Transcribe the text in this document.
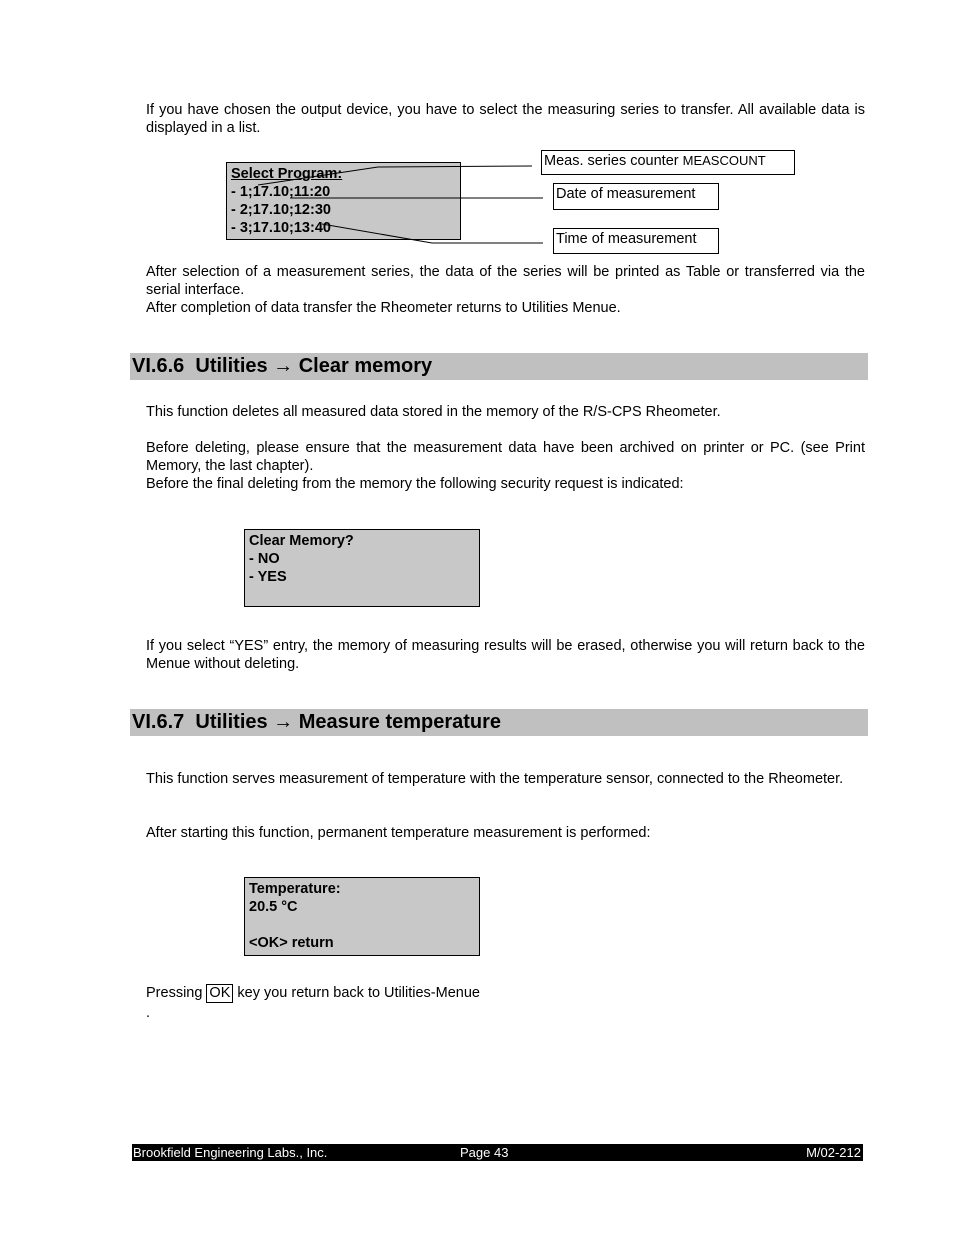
If you have chosen the output device, you have to select the measuring series to transfer. All available data is displayed in a list.

Select Program:
- 1;17.10;11:20
- 2;17.10;12:30
- 3;17.10;13:40
Meas. series counter MEASCOUNT
Date of measurement
Time of measurement

After selection of a measurement series, the data of the series will be printed as Table or transferred via the serial interface.

After completion of data transfer the Rheometer returns to Utilities Menue.

VI.6.6 Utilities → Clear memory

This function deletes all measured data stored in the memory of the R/S-CPS Rheometer.

Before deleting, please ensure that the measurement data have been archived on printer or PC. (see Print Memory, the last chapter).

Before the final deleting from the memory the following security request is indicated:

Clear Memory?
- NO
- YES

If you select “YES” entry, the memory of measuring results will be erased, otherwise you will return back to the Menue without deleting.

VI.6.7 Utilities → Measure temperature

This function serves measurement of temperature with the temperature sensor, connected to the Rheometer.

After starting this function, permanent temperature measurement is performed:

Temperature:
20.5 °C
<OK> return

Pressing OK key you return back to Utilities-Menue

.

Brookfield Engineering Labs., Inc.	Page 43	M/02-212
